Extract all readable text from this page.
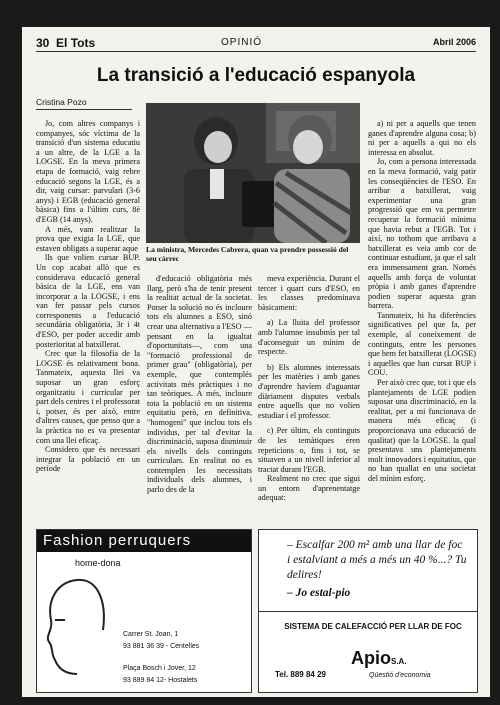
30 El Tots	OPINIÓ	Abril 2006
La transició a l'educació espanyola
Cristina Pozo

Jo, com altres companys i companyes, sóc víctima de la transició d'un sistema educatiu a un altre, de la LGE a la LOGSE. En la meva primera etapa de formació, vaig rebre educació segons la LGE, és a dir, vaig cursar: parvulari (3-6 anys) i EGB (educació general bàsica) fins a l'últim curs, 8è d'EGB (14 anys).

A més, vam realitzar la prova que exigia la LGE, que estaven obligats a superar aque

lls que volien cursar BUP. Un cop acabat allò que es considerava educació general bàsica de la LGE, ens van incorporar a la LOGSE, i ens van fer passar pels cursos corresponents a l'educació secundària obligatòria, 3r i 4t d'ESO, per poder accedir amb posterioritat al batxillerat.

Crec que la filosofia de la LOGSE és relativament bona. Tanmateix, aquesta llei va suposar un gran esforç organitzatiu i curricular per part dels centres i el professorat i, potser, és per això, entre d'altres causes, que penso que a la pràctica no es va presentar com una llei eficaç.

Considero que és necessari integrar la població en un període

La ministra, Mercedes Cabrera, quan va prendre possessió del seu càrrec

d'educació obligatòria més llarg, però s'ha de tenir present la realitat actual de la societat. Potser la solució no és incloure tots els alumnes a ESO, sinó crear una alternativa a l'ESO —pensant en la igualtat d'oportunitats—, com una "formació professional de primer grau" (obligatòria), per exemple, que contemplés activitats més pràctiques i no tan teòriques. A més, incloure tota la població en un sistema equitatiu però, en definitiva, "homogeni" que inclou tots els individus, per tal d'evitar la discriminació, suposa disminuir els nivells dels continguts curriculars. En realitat no es contemplen les necessitats individuals dels alumnes, i parlo des de la

meva experiència. Durant el tercer i quart curs d'ESO, en les classes predominava bàsicament:

a) La lluita del professor amb l'alumne insubmís per tal d'aconseguir un mínim de respecte.

b) Els alumnes interessats per les matèries i amb ganes d'aprendre havíem d'aguantar diàriament disputes verbals entre aquells que no volien estudiar i el professor.

c) Per últim, els continguts de les temàtiques eren repeticions o, fins i tot, se situaven a un nivell inferior al tractat durant l'EGB.

Realment no crec que sigui un entorn d'aprenentatge adequat:

a) ni per a aquells que tenen ganes d'aprendre alguna cosa; b) ni per a aquells a qui no els interessa en absolut.

Jo, com a persona interessada en la meva formació, vaig patir les conseqüències de l'ESO. En arribar a batxillerat, vaig experimentar una gran progressió que em va permetre recuperar la formació mínima que havia rebut a l'EGB. Tot i així, no tothom que arribava a batxillerat es veia amb cor de continuar estudiant, ja que el salt era immensament gran. Només aquells amb força de voluntat pròpia i amb ganes d'aprendre podien superar aquesta gran barrera.

Tanmateix, hi ha diferències significatives pel que fa, per exemple, al coneixement de continguts, entre les persones que hem fet batxillerat (LOGSE) i aquelles que han cursat BUP i COU.

Per això crec que, tot i que els plantejaments de LGE podien suposar una discriminació, en la realitat, per a mi funcionava de manera més eficaç (i proporcionava una educació de qualitat) que la LOGSE. la qual presentava uns plantejaments molt innovadors i equitatius, que no han quallat en una societat del mínim esforç.

Fashion perruquers
home-dona
Carrer St. Joan, 1
93 881 36 39 - Centelles
Plaça Bosch i Jover, 12
93 889 84 12- Hostalets
– Escalfar 200 m² amb una llar de foc i estalviant a més a més un 40 %...? Tu delires!
– Jo estal-pio
SISTEMA DE CALEFACCIÓ PER LLAR DE FOC
ApioS.A.
Qüestió d'economia
Tel. 889 84 29
